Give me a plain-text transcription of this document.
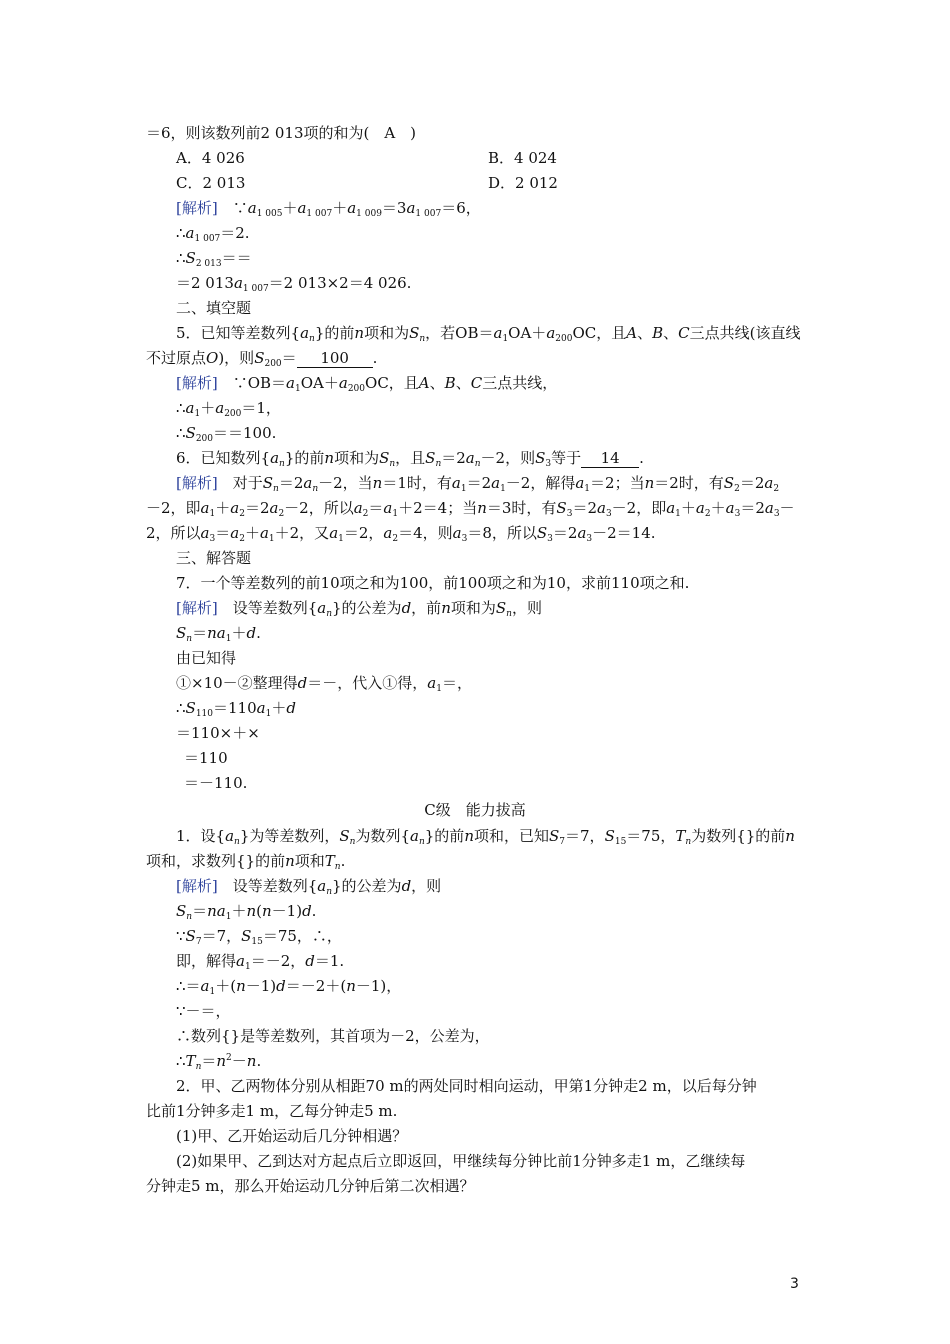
＝6，则该数列前2 013项的和为(　A　)
A．4 026	B．4 024
C．2 013	D．2 012
[解析]　$\because a_{1 005}+a_{1 007}+a_{1 009}=3a_{1 007}=6$，
$\therefore a_{1 007}=2$.
$\therefore S_{2 013}==$
＝2 $013a_{1 007}=2$ 013×2＝4 026.
二、填空题
5．已知等差数列$\{a_n\}$的前n项和为$S_n$，若$OB=a_1OA+a_{200}OC$，且A、B、C三点共线(该直线
不过原点O)，则$S_{200}= 100$ .
[解析]　$\because OB=a_1OA+a_{200}OC$，且A、B、C三点共线，
$\therefore a_1+a_{200}=1$，
$\therefore S_{200}==100$.
6．已知数列$\{a_n\}$的前n项和为$S_n$，且$S_n=2a_n-2$，则$S_3$等于 14 .
[解析]　对于$S_n=2a_n-2$，当n＝1时，有$a_1=2a_1-2$，解得$a_1=2$；当n＝2时，有$S_2=2a_2$
－2，即$a_1+a_2=2a_2-2$，所以$a_2=a_1+2=4$；当n＝3时，有$S_3=2a_3-2$，即$a_1+a_2+a_3=2a_3-$
2，所以$a_3=a_2+a_1+2$，又$a_1=2$，$a_2=4$，则$a_3=8$，所以$S_3=2a_3-2=14$.
三、解答题
7．一个等差数列的前10项之和为100，前100项之和为10，求前110项之和.
[解析]　设等差数列$\{a_n\}$的公差为d，前n项和为$S_n$，则
$S_n=na_1+d$.
由已知得
①×10－②整理得d＝－，代入①得，$a_1=$，
$\therefore S_{110}=110a_1+d$
＝110×＋×
＝110
＝－110.
C级　能力拔高
1．设$\{a_n\}$为等差数列，$S_n$为数列$\{a_n\}$的前n项和，已知$S_7=7$，$S_{15}=75$，$T_n$为数列{}的前n
项和，求数列{}的前n项和$T_n$.
[解析]　设等差数列$\{a_n\}$的公差为d，则
$S_n=na_1+n(n-1)d$.
$\because S_7=7$，$S_{15}=75$，∴，
即，解得$a_1=-2$，d＝1.
$\therefore=a_1+(n-1)d=-2+(n-1)$，
∵－＝，
∴数列{}是等差数列，其首项为－2，公差为，
$\therefore T_n=n^2-n$.
2．甲、乙两物体分别从相距70 m的两处同时相向运动，甲第1分钟走2 m，以后每分钟
比前1分钟多走1 m，乙每分钟走5 m.
(1)甲、乙开始运动后几分钟相遇？
(2)如果甲、乙到达对方起点后立即返回，甲继续每分钟比前1分钟多走1 m，乙继续每
分钟走5 m，那么开始运动几分钟后第二次相遇？
3
